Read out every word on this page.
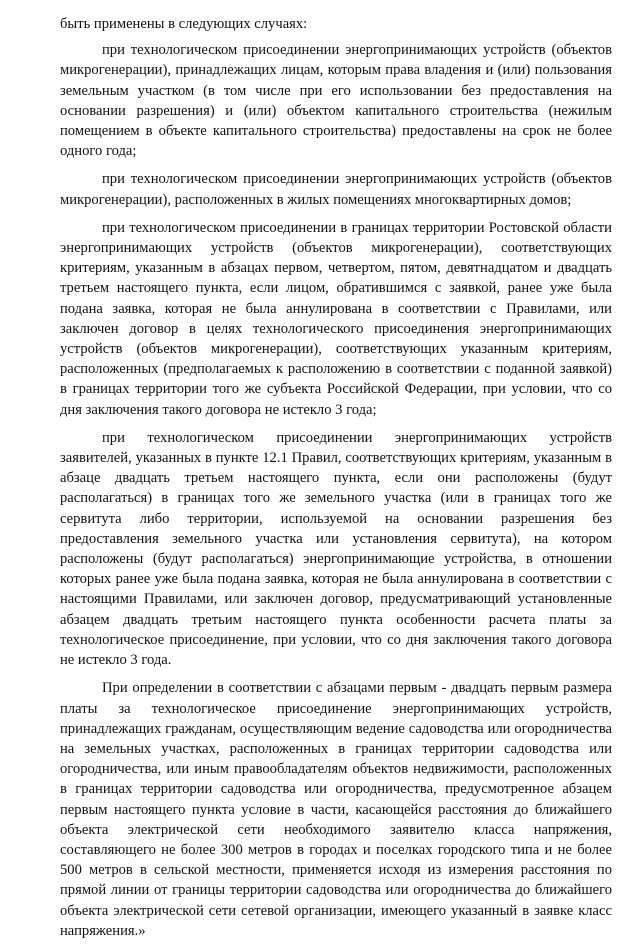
быть применены в следующих случаях:

при технологическом присоединении энергопринимающих устройств (объектов микрогенерации), принадлежащих лицам, которым права владения и (или) пользования земельным участком (в том числе при его использовании без предоставления на основании разрешения) и (или) объектом капитального строительства (нежилым помещением в объекте капитального строительства) предоставлены на срок не более одного года;

при технологическом присоединении энергопринимающих устройств (объектов микрогенерации), расположенных в жилых помещениях многоквартирных домов;

при технологическом присоединении в границах территории Ростовской области энергопринимающих устройств (объектов микрогенерации), соответствующих критериям, указанным в абзацах первом, четвертом, пятом, девятнадцатом и двадцать третьем настоящего пункта, если лицом, обратившимся с заявкой, ранее уже была подана заявка, которая не была аннулирована в соответствии с Правилами, или заключен договор в целях технологического присоединения энергопринимающих устройств (объектов микрогенерации), соответствующих указанным критериям, расположенных (предполагаемых к расположению в соответствии с поданной заявкой) в границах территории того же субъекта Российской Федерации, при условии, что со дня заключения такого договора не истекло 3 года;

при технологическом присоединении энергопринимающих устройств заявителей, указанных в пункте 12.1 Правил, соответствующих критериям, указанным в абзаце двадцать третьем настоящего пункта, если они расположены (будут располагаться) в границах того же земельного участка (или в границах того же сервитута либо территории, используемой на основании разрешения без предоставления земельного участка или установления сервитута), на котором расположены (будут располагаться) энергопринимающие устройства, в отношении которых ранее уже была подана заявка, которая не была аннулирована в соответствии с настоящими Правилами, или заключен договор, предусматривающий установленные абзацем двадцать третьим настоящего пункта особенности расчета платы за технологическое присоединение, при условии, что со дня заключения такого договора не истекло 3 года.

При определении в соответствии с абзацами первым - двадцать первым размера платы за технологическое присоединение энергопринимающих устройств, принадлежащих гражданам, осуществляющим ведение садоводства или огородничества на земельных участках, расположенных в границах территории садоводства или огородничества, или иным правообладателям объектов недвижимости, расположенных в границах территории садоводства или огородничества, предусмотренное абзацем первым настоящего пункта условие в части, касающейся расстояния до ближайшего объекта электрической сети необходимого заявителю класса напряжения, составляющего не более 300 метров в городах и поселках городского типа и не более 500 метров в сельской местности, применяется исходя из измерения расстояния по прямой линии от границы территории садоводства или огородничества до ближайшего объекта электрической сети сетевой организации, имеющего указанный в заявке класс напряжения.»
